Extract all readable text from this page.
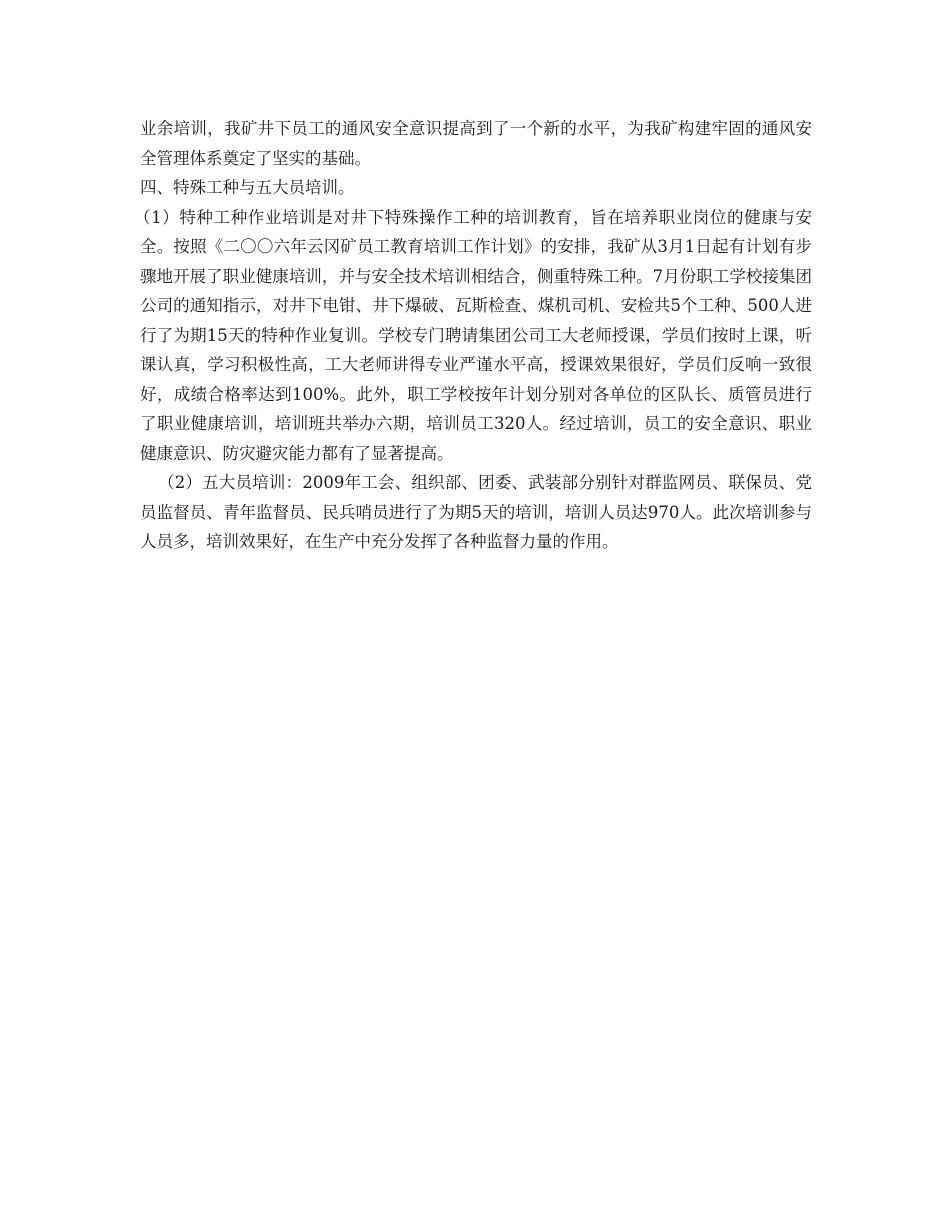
业余培训，我矿井下员工的通风安全意识提高到了一个新的水平，为我矿构建牢固的通风安全管理体系奠定了坚实的基础。

四、特殊工种与五大员培训。

（1）特种工种作业培训是对井下特殊操作工种的培训教育，旨在培养职业岗位的健康与安全。按照《二〇〇六年云冈矿员工教育培训工作计划》的安排，我矿从3月1日起有计划有步骤地开展了职业健康培训，并与安全技术培训相结合，侧重特殊工种。7月份职工学校接集团公司的通知指示，对井下电钳、井下爆破、瓦斯检查、煤机司机、安检共5个工种、500人进行了为期15天的特种作业复训。学校专门聘请集团公司工大老师授课，学员们按时上课，听课认真，学习积极性高，工大老师讲得专业严谨水平高，授课效果很好，学员们反响一致很好，成绩合格率达到100%。此外，职工学校按年计划分别对各单位的区队长、质管员进行了职业健康培训，培训班共举办六期，培训员工320人。经过培训，员工的安全意识、职业健康意识、防灾避灾能力都有了显著提高。

（2）五大员培训：2009年工会、组织部、团委、武装部分别针对群监网员、联保员、党员监督员、青年监督员、民兵哨员进行了为期5天的培训，培训人员达970人。此次培训参与人员多，培训效果好，在生产中充分发挥了各种监督力量的作用。
